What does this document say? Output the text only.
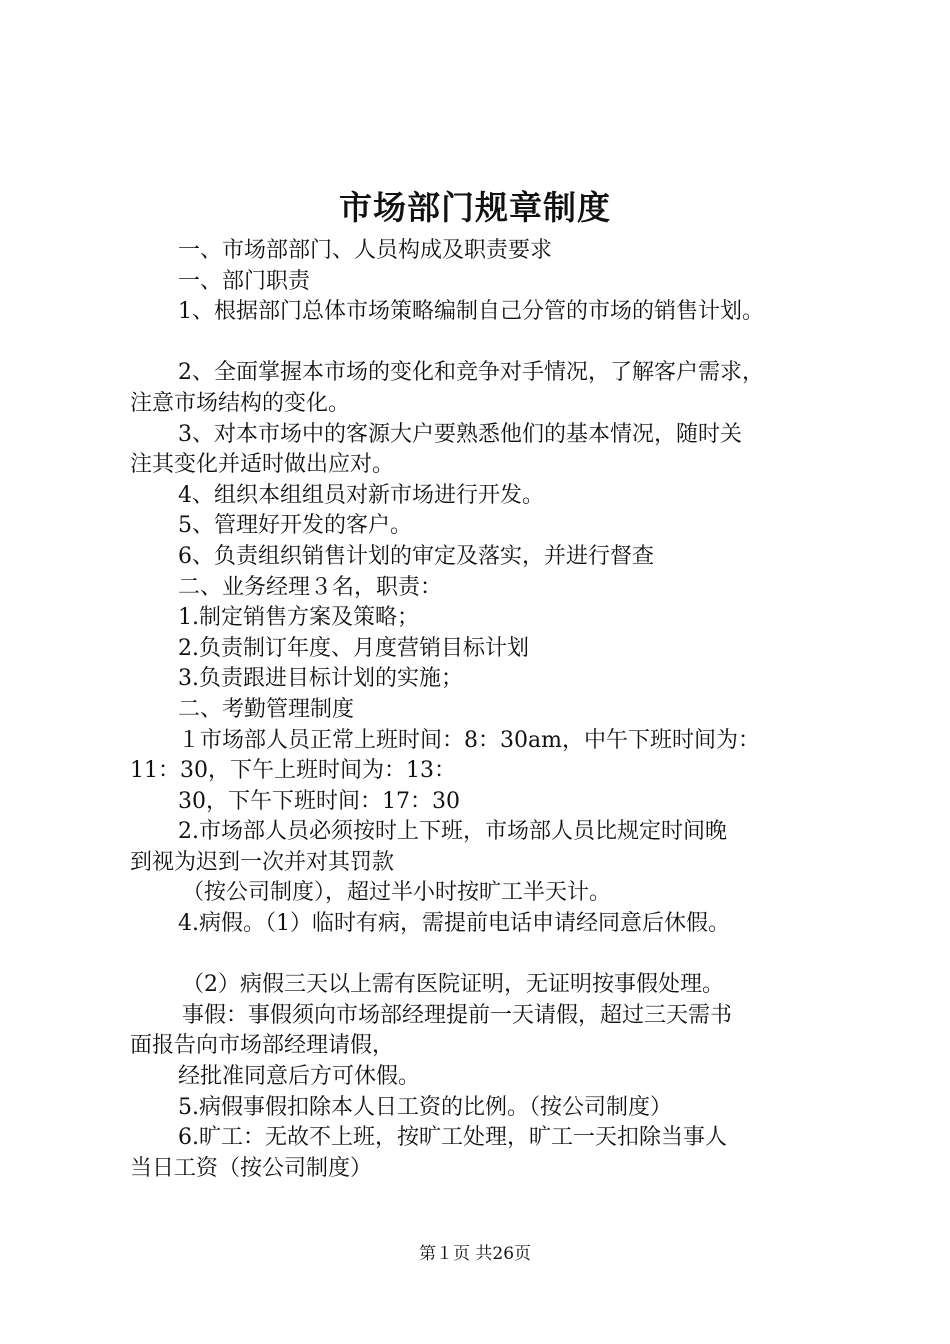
市场部门规章制度
一、市场部部门、人员构成及职责要求
一、部门职责
1、根据部门总体市场策略编制自己分管的市场的销售计划。
2、全面掌握本市场的变化和竞争对手情况，了解客户需求，
注意市场结构的变化。
3、对本市场中的客源大户要熟悉他们的基本情况，随时关
注其变化并适时做出应对。
4、组织本组组员对新市场进行开发。
5、管理好开发的客户。
6、负责组织销售计划的审定及落实，并进行督查
二、业务经理３名，职责：
1.制定销售方案及策略；
2.负责制订年度、月度营销目标计划
3.负责跟进目标计划的实施；
二、考勤管理制度
１市场部人员正常上班时间：8：30am，中午下班时间为：
11：30，下午上班时间为：13：
30，下午下班时间：17：30
2.市场部人员必须按时上下班，市场部人员比规定时间晚
到视为迟到一次并对其罚款
（按公司制度），超过半小时按旷工半天计。
4.病假。（1）临时有病，需提前电话申请经同意后休假。
（2）病假三天以上需有医院证明，无证明按事假处理。
事假：事假须向市场部经理提前一天请假，超过三天需书
面报告向市场部经理请假，
经批准同意后方可休假。
5.病假事假扣除本人日工资的比例。（按公司制度）
6.旷工：无故不上班，按旷工处理，旷工一天扣除当事人
当日工资（按公司制度）
第１页 共26页
